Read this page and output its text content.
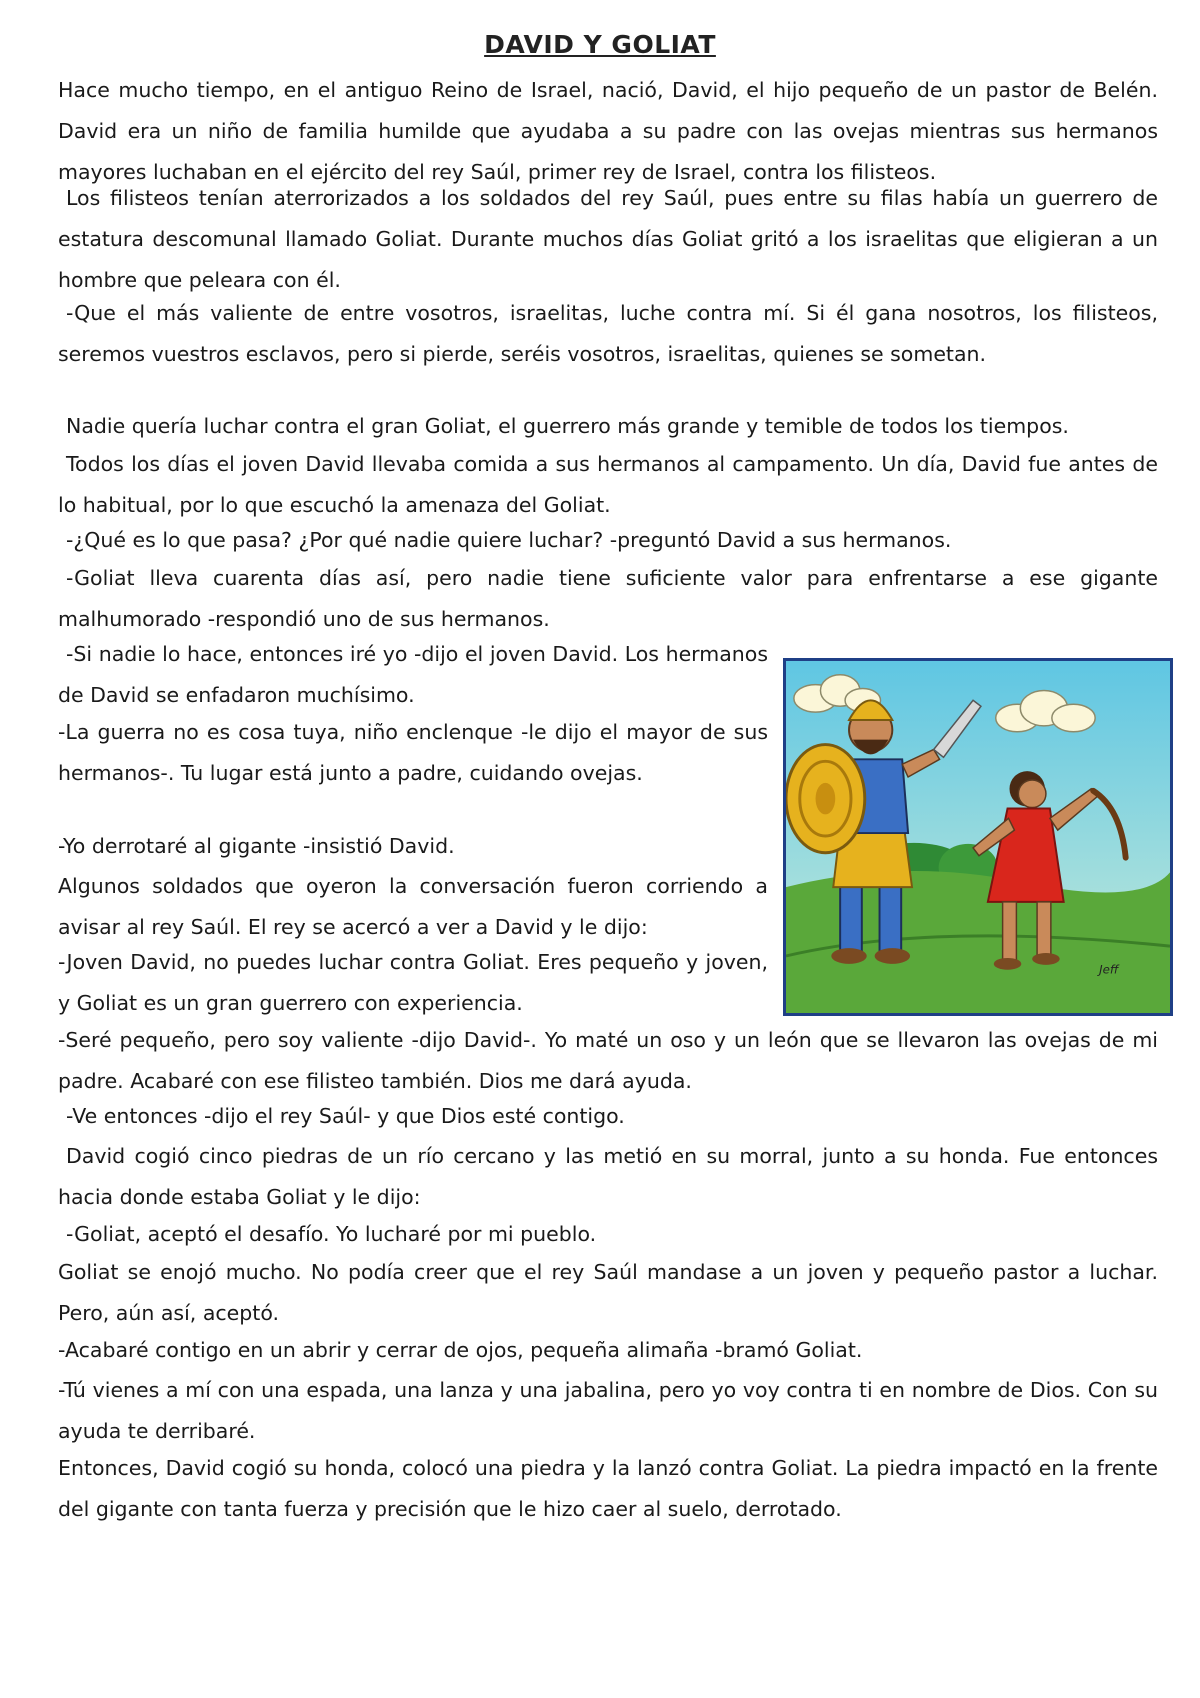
DAVID Y GOLIAT

Hace mucho tiempo, en el antiguo Reino de Israel, nació, David, el hijo pequeño de un pastor de Belén. David era un niño de familia humilde que ayudaba a su padre con las ovejas mientras sus hermanos mayores luchaban en el ejército del rey Saúl, primer rey de Israel, contra los filisteos.

Los filisteos tenían aterrorizados a los soldados del rey Saúl, pues entre su filas había un guerrero de estatura descomunal llamado Goliat. Durante muchos días Goliat gritó a los israelitas que eligieran a un hombre que peleara con él.

-Que el más valiente de entre vosotros, israelitas, luche contra mí. Si él gana nosotros, los filisteos, seremos vuestros esclavos, pero si pierde, seréis vosotros, israelitas, quienes se sometan.

Nadie quería luchar contra el gran Goliat, el guerrero más grande y temible de todos los tiempos.

Todos los días el joven David llevaba comida a sus hermanos al campamento. Un día, David fue antes de lo habitual, por lo que escuchó la amenaza del Goliat.

-¿Qué es lo que pasa? ¿Por qué nadie quiere luchar? -preguntó David a sus hermanos.

-Goliat lleva cuarenta días así, pero nadie tiene suficiente valor para enfrentarse a ese gigante malhumorado -respondió uno de sus hermanos.

-Si nadie lo hace, entonces iré yo -dijo el joven David. Los hermanos de David se enfadaron muchísimo.

-La guerra no es cosa tuya, niño enclenque -le dijo el mayor de sus hermanos-. Tu lugar está junto a padre, cuidando ovejas.

-Yo derrotaré al gigante -insistió David.

Algunos soldados que oyeron la conversación fueron corriendo a avisar al rey Saúl. El rey se acercó a ver a David y le dijo:

-Joven David, no puedes luchar contra Goliat. Eres pequeño y joven, y Goliat es un gran guerrero con experiencia.

-Seré pequeño, pero soy valiente -dijo David-. Yo maté un oso y un león que se llevaron las ovejas de mi padre. Acabaré con ese filisteo también. Dios me dará ayuda.

-Ve entonces -dijo el rey Saúl- y que Dios esté contigo.

David cogió cinco piedras de un río cercano y las metió en su morral, junto a su honda. Fue entonces hacia donde estaba Goliat y le dijo:

-Goliat, aceptó el desafío. Yo lucharé por mi pueblo.

Goliat se enojó mucho. No podía creer que el rey Saúl mandase a un joven y pequeño pastor a luchar. Pero, aún así, aceptó.

-Acabaré contigo en un abrir y cerrar de ojos, pequeña alimaña -bramó Goliat.

-Tú vienes a mí con una espada, una lanza y una jabalina, pero yo voy contra ti en nombre de Dios. Con su ayuda te derribaré.

Entonces, David cogió su honda, colocó una piedra y la lanzó contra Goliat. La piedra impactó en la frente del gigante con tanta fuerza y precisión que le hizo caer al suelo, derrotado.

Jeff
